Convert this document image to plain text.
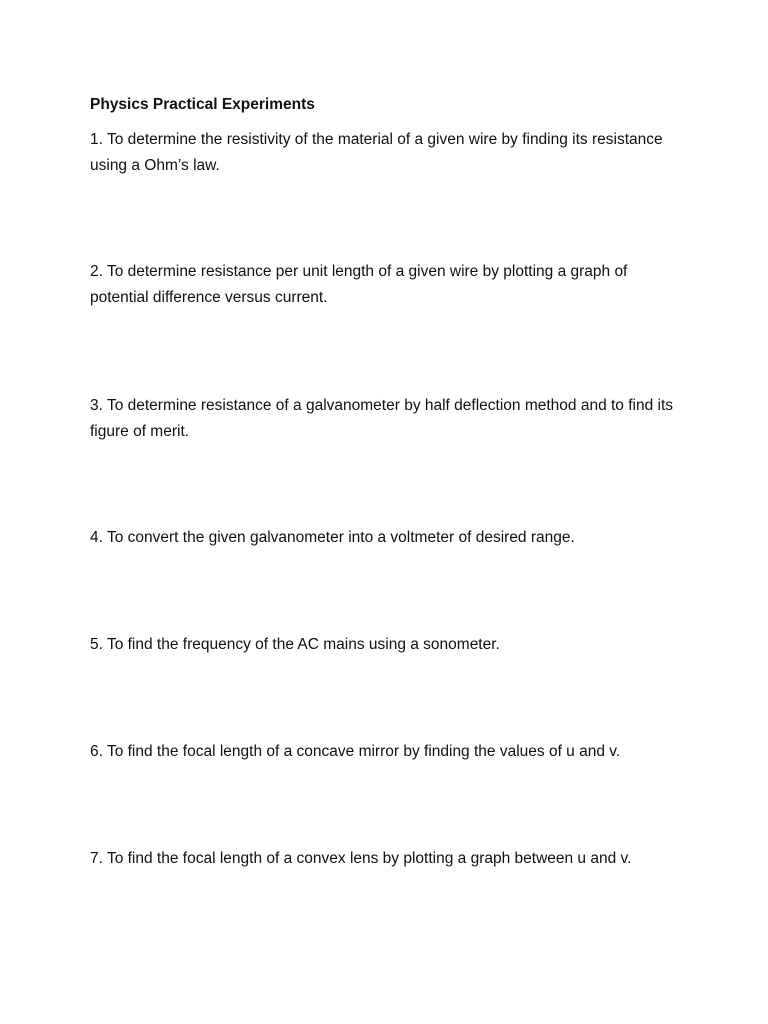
Physics Practical Experiments

1. To determine the resistivity of the material of a given wire by finding its resistance using a Ohm’s law.

2. To determine resistance per unit length of a given wire by plotting a graph of potential difference versus current.

3. To determine resistance of a galvanometer by half deflection method and to find its figure of merit.

4. To convert the given galvanometer into a voltmeter of desired range.

5. To find the frequency of the AC mains using a sonometer.

6. To find the focal length of a concave mirror by finding the values of u and v.

7. To find the focal length of a convex lens by plotting a graph between u and v.
